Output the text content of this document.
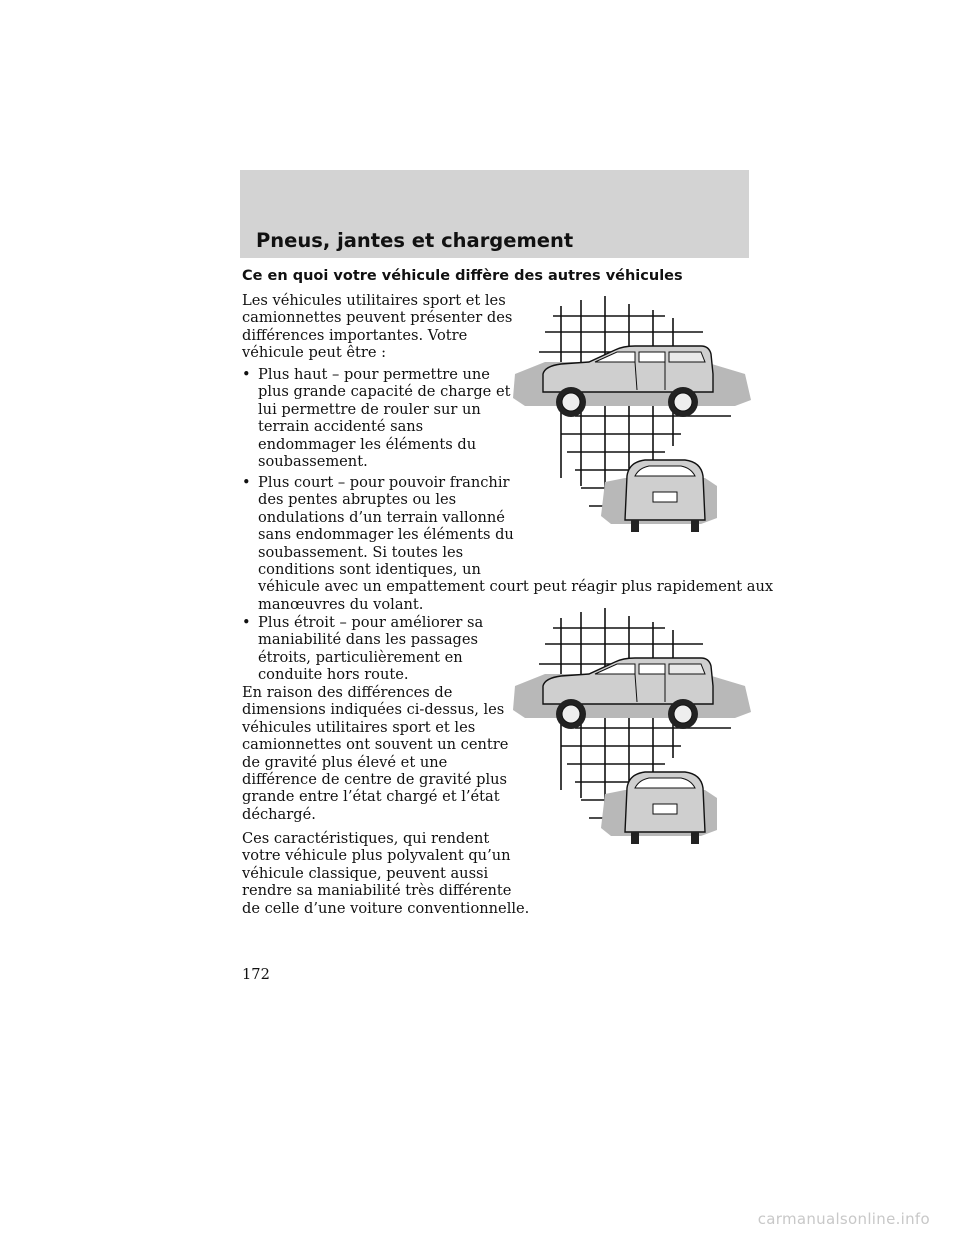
Pneus, jantes et chargement
Ce en quoi votre véhicule diffère des autres véhicules
Les véhicules utilitaires sport et les
camionnettes peuvent présenter des
différences importantes. Votre
véhicule peut être :
• Plus haut – pour permettre une
plus grande capacité de charge et
lui permettre de rouler sur un
terrain accidenté sans
endommager les éléments du
soubassement.
• Plus court – pour pouvoir franchir
des pentes abruptes ou les
ondulations d’un terrain vallonné
sans endommager les éléments du
soubassement. Si toutes les
conditions sont identiques, un
véhicule avec un empattement court peut réagir plus rapidement aux
manœuvres du volant.
• Plus étroit – pour améliorer sa
maniabilité dans les passages
étroits, particulièrement en
conduite hors route.
En raison des différences de
dimensions indiquées ci-dessus, les
véhicules utilitaires sport et les
camionnettes ont souvent un centre
de gravité plus élevé et une
différence de centre de gravité plus
grande entre l’état chargé et l’état
déchargé.
Ces caractéristiques, qui rendent
votre véhicule plus polyvalent qu’un
véhicule classique, peuvent aussi
rendre sa maniabilité très différente
de celle d’une voiture conventionnelle.
172
carmanualsonline.info
